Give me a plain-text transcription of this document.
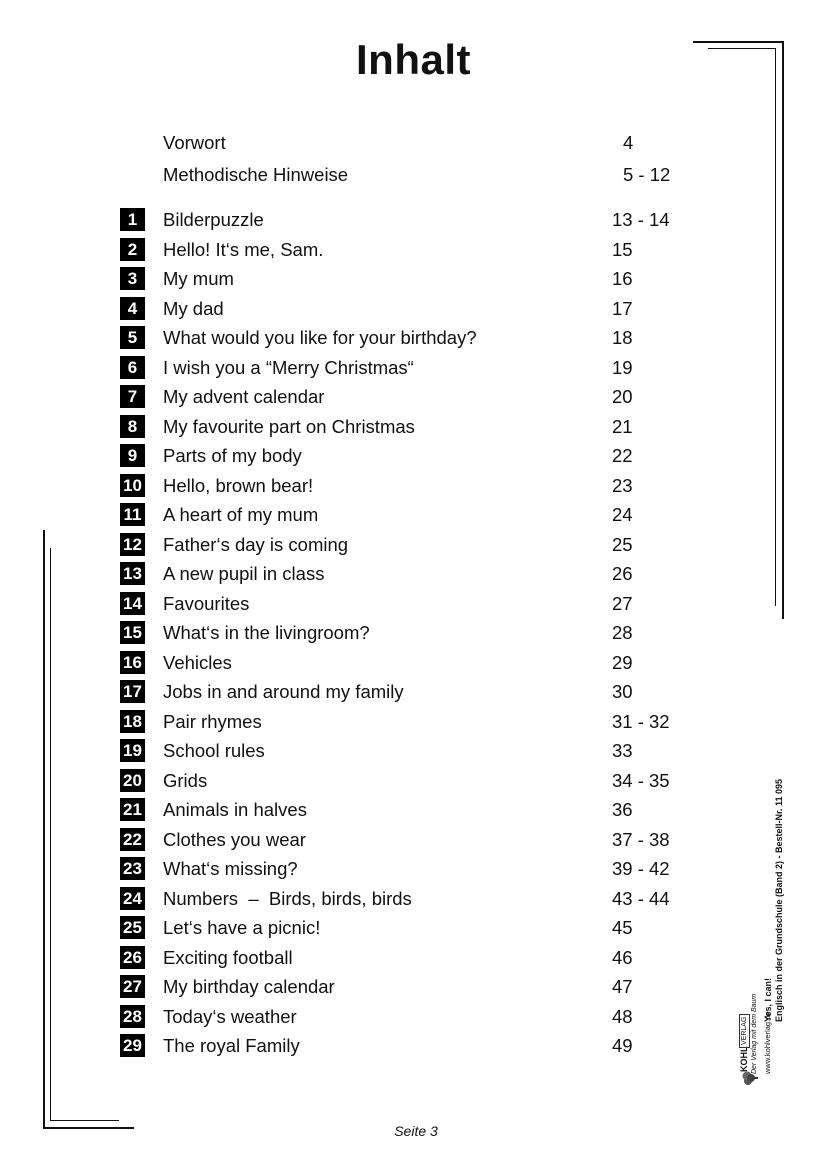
Inhalt
Vorwort	4
Methodische Hinweise	5 - 12
1	Bilderpuzzle	13 - 14
2	Hello! It‘s me, Sam.	15
3	My mum	16
4	My dad	17
5	What would you like for your birthday?	18
6	I wish you a “Merry Christmas“	19
7	My advent calendar	20
8	My favourite part on Christmas	21
9	Parts of my body	22
10 Hello, brown bear!	23
11 A heart of my mum	24
12 Father‘s day is coming	25
13 A new pupil in class	26
14 Favourites	27
15 What‘s in the livingroom?	28
16 Vehicles	29
17 Jobs in and around my family	30
18 Pair rhymes	31 - 32
19 School rules	33
20 Grids	34 - 35
21 Animals in halves	36
22 Clothes you wear	37 - 38
23 What‘s missing?	39 - 42
24 Numbers  –  Birds, birds, birds	43 - 44
25 Let‘s have a picnic!	45
26 Exciting football	46
27 My birthday calendar	47
28 Today‘s weather	48
29 The royal Family	49
Seite 3
KOHL
VERLAG Der Verlag mit dem Baum www.kohlverlag.de
Yes, I can! Englisch in der Grundschule (Band 2) - Bestell-Nr. 11 095
